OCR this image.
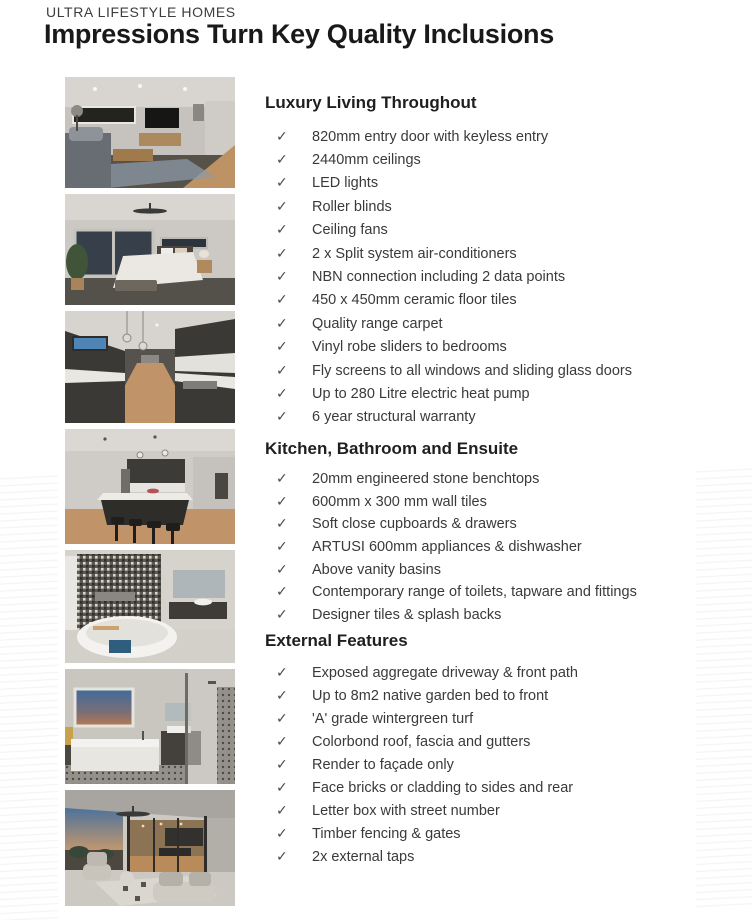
ULTRA LIFESTYLE HOMES
Impressions Turn Key Quality Inclusions
Luxury Living Throughout
✓	820mm entry door with keyless entry
✓	2440mm ceilings
✓	LED lights
✓	Roller blinds
✓	Ceiling fans
✓	2 x Split system air-conditioners
✓	NBN connection including 2 data points
✓	450 x 450mm ceramic floor tiles
✓	Quality range carpet
✓	Vinyl robe sliders to bedrooms
✓	Fly screens to all windows and sliding glass doors
✓	Up to 280 Litre electric heat pump
✓	6 year structural warranty
Kitchen, Bathroom and Ensuite
✓	20mm engineered stone benchtops
✓	600mm x 300 mm wall tiles
✓	Soft close cupboards & drawers
✓	ARTUSI 600mm appliances & dishwasher
✓	Above vanity basins
✓	Contemporary range of toilets, tapware and fittings
✓	Designer tiles & splash backs
External Features
✓	Exposed aggregate driveway & front path
✓	Up to 8m2 native garden bed to front
✓	'A' grade wintergreen turf
✓	Colorbond roof, fascia and gutters
✓	Render to façade only
✓	Face bricks or cladding to sides and rear
✓	Letter box with street number
✓	Timber fencing & gates
✓	2x external taps
